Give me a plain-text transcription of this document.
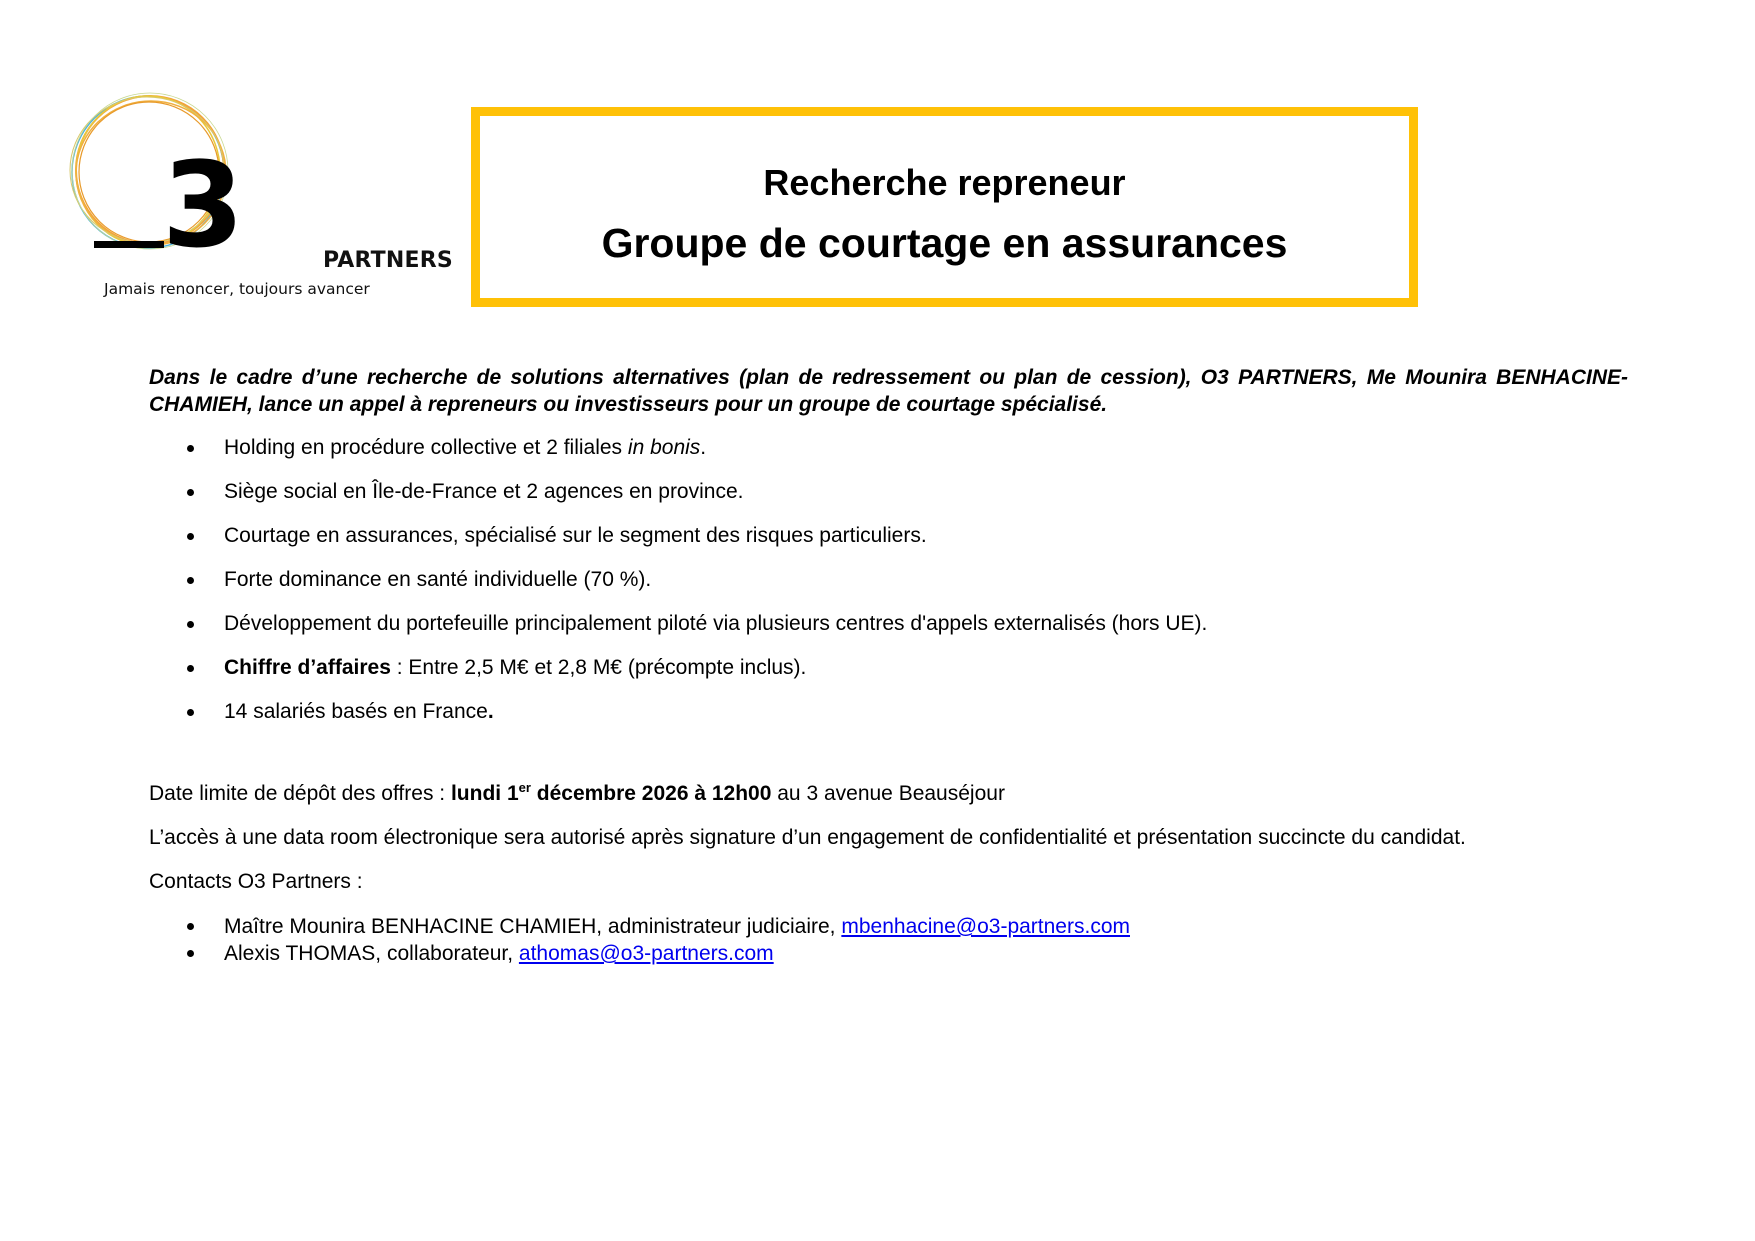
3	PARTNERS
Jamais renoncer, toujours avancer
Recherche repreneur
Groupe de courtage en assurances
Dans le cadre d’une recherche de solutions alternatives (plan de redressement ou plan de cession), O3 PARTNERS, Me Mounira BENHACINE-CHAMIEH, lance un appel à repreneurs ou investisseurs pour un groupe de courtage spécialisé.
Holding en procédure collective et 2 filiales in bonis.
Siège social en Île-de-France et 2 agences en province.
Courtage en assurances, spécialisé sur le segment des risques particuliers.
Forte dominance en santé individuelle (70 %).
Développement du portefeuille principalement piloté via plusieurs centres d'appels externalisés (hors UE).
Chiffre d’affaires : Entre 2,5 M€ et 2,8 M€ (précompte inclus).
14 salariés basés en France.
Date limite de dépôt des offres : lundi 1er décembre 2026 à 12h00 au 3 avenue Beauséjour
L’accès à une data room électronique sera autorisé après signature d’un engagement de confidentialité et présentation succincte du candidat.
Contacts O3 Partners :
Maître Mounira BENHACINE CHAMIEH, administrateur judiciaire, mbenhacine@o3-partners.com
Alexis THOMAS, collaborateur, athomas@o3-partners.com
